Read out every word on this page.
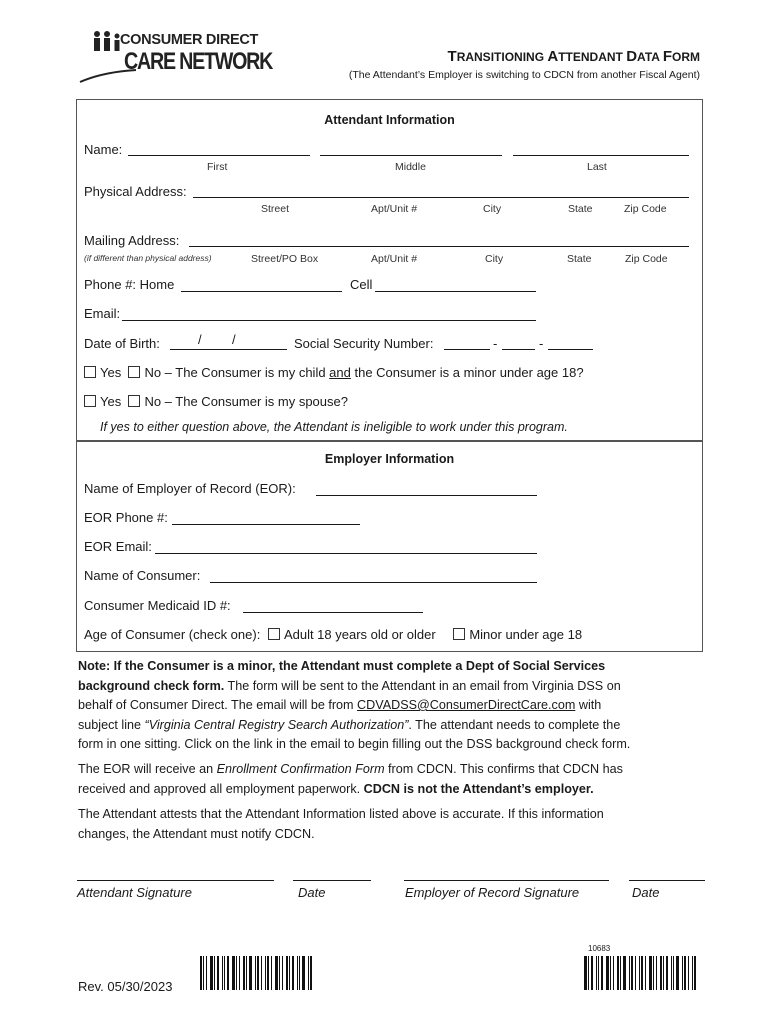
CONSUMER DIRECT
CARE NETWORK	TRANSITIONING ATTENDANT DATA FORM
(The Attendant’s Employer is switching to CDCN from another Fiscal Agent)
Attendant Information
Name:
First	Middle	Last
Physical Address:
Street	Apt/Unit #	City	State	Zip Code
Mailing Address:
(if different than physical address)	Street/PO Box	Apt/Unit #	City	State	Zip Code
Phone #: Home	Cell
Email:
Date of Birth:	/ /	Social Security Number:	-	-
Yes No – The Consumer is my child and the Consumer is a minor under age 18?
Yes No – The Consumer is my spouse?
If yes to either question above, the Attendant is ineligible to work under this program.
Employer Information
Name of Employer of Record (EOR):
EOR Phone #:
EOR Email:
Name of Consumer:
Consumer Medicaid ID #:
Age of Consumer (check one): Adult 18 years old or older	Minor under age 18
Note: If the Consumer is a minor, the Attendant must complete a Dept of Social Services
background check form. The form will be sent to the Attendant in an email from Virginia DSS on
behalf of Consumer Direct. The email will be from CDVADSS@ConsumerDirectCare.com with
subject line “Virginia Central Registry Search Authorization”. The attendant needs to complete the
form in one sitting. Click on the link in the email to begin filling out the DSS background check form.
The EOR will receive an Enrollment Confirmation Form from CDCN. This confirms that CDCN has
received and approved all employment paperwork. CDCN is not the Attendant’s employer.
The Attendant attests that the Attendant Information listed above is accurate. If this information
changes, the Attendant must notify CDCN.
Attendant Signature	Date	Employer of Record Signature	Date
Rev. 05/30/2023
10683
